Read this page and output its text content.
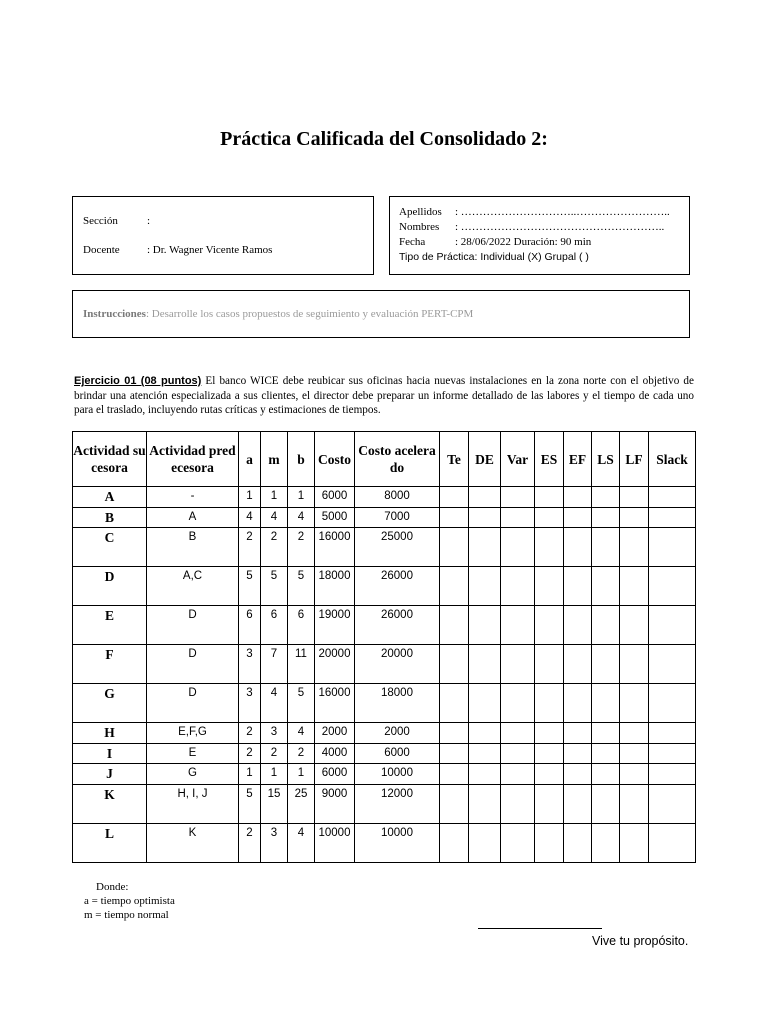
Práctica Calificada del Consolidado 2:
Sección	:
Docente : Dr. Wagner Vicente Ramos
Apellidos : …………………………..……………………..
Nombres : ………………………………………………..
Fecha	: 28/06/2022 Duración: 90 min
Tipo de Práctica: Individual (X) Grupal ( )
Instrucciones: Desarrolle los casos propuestos de seguimiento y evaluación PERT-CPM
Ejercicio 01 (08 puntos) El banco WICE debe reubicar sus oficinas hacia nuevas instalaciones en la zona norte con el objetivo de brindar una atención especializada a sus clientes, el director debe preparar un informe detallado de las labores y el tiempo de cada uno para el traslado, incluyendo rutas críticas y estimaciones de tiempos.
Actividad sucesora	Actividad predecesora	a	m	b	Costo	Costo acelerado	Te	DE	Var	ES	EF	LS	LF	Slack
A	-	1	1	1	6000	8000								
B	A	4	4	4	5000	7000								
C	B	2	2	2	16000	25000								
D	A,C	5	5	5	18000	26000								
E	D	6	6	6	19000	26000								
F	D	3	7	11	20000	20000								
G	D	3	4	5	16000	18000								
H	E,F,G	2	3	4	2000	2000								
I	E	2	2	2	4000	6000								
J	G	1	1	1	6000	10000								
K	H, I, J	5	15	25	9000	12000								
L	K	2	3	4	10000	10000								
Donde:
a = tiempo optimista
m = tiempo normal
Vive tu propósito.
